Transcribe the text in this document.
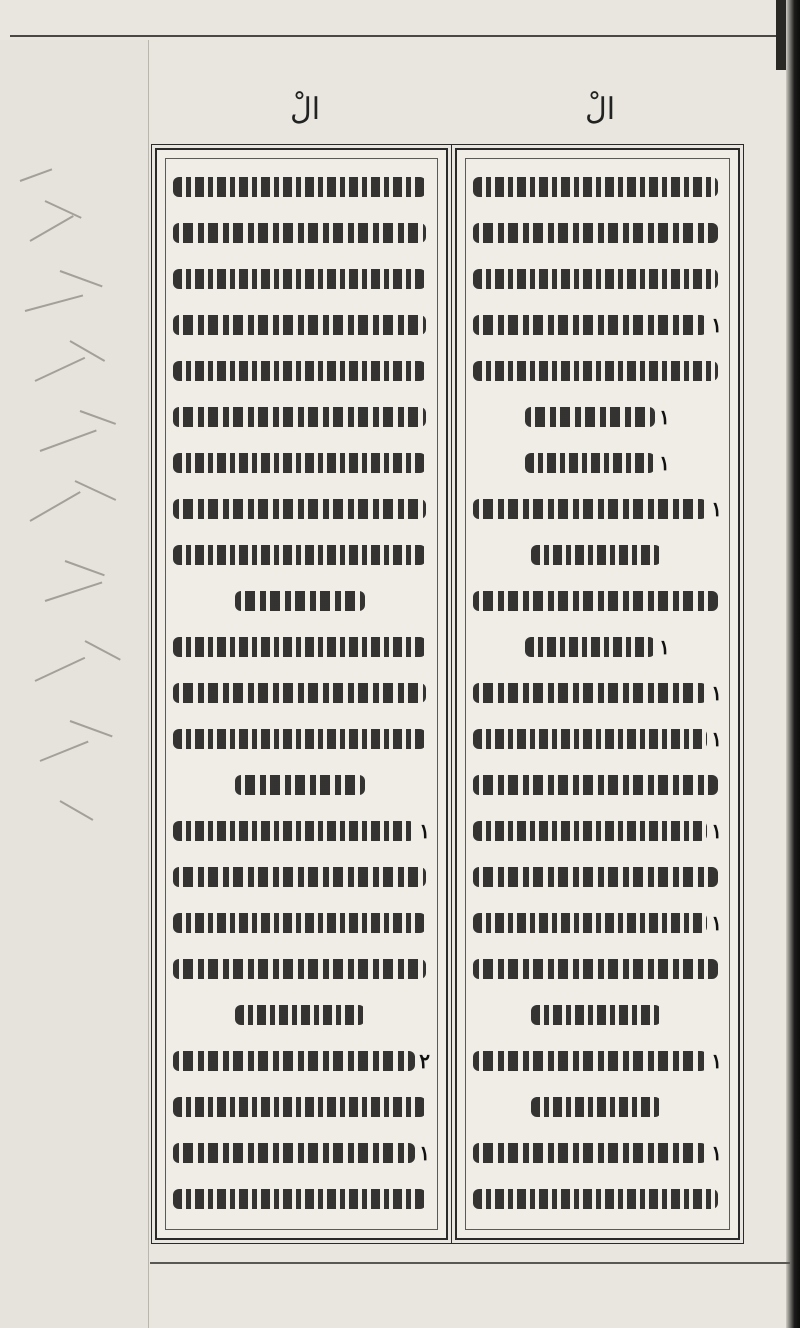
الْ	الْ
١
٢
١
١
١
١
١
١
١
١
١
١
١
١
